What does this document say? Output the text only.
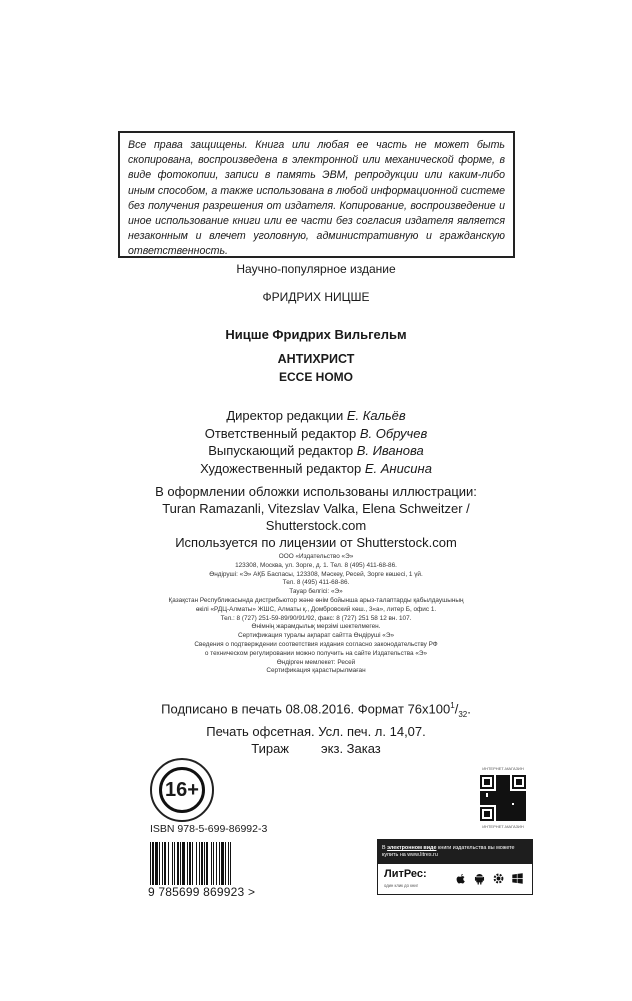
Все права защищены. Книга или любая ее часть не может быть скопирована, воспроизведена в электронной или механической форме, в виде фотокопии, записи в память ЭВМ, репродукции или каким-либо иным способом, а также использована в любой информационной системе без получения разрешения от издателя. Копирование, воспроизведение и иное использование книги или ее части без согласия издателя является незаконным и влечет уголовную, административную и гражданскую ответственность.
Научно-популярное издание
ФРИДРИХ НИЦШЕ
Ницше Фридрих Вильгельм
АНТИХРИСТ
ECCE HOMO
Директор редакции Е. Кальёв
Ответственный редактор В. Обручев
Выпускающий редактор В. Иванова
Художественный редактор Е. Анисина
В оформлении обложки использованы иллюстрации:
Turan Ramazanli, Vitezslav Valka, Elena Schweitzer /
Shutterstock.com
Используется по лицензии от Shutterstock.com
ООО «Издательство «Э»
123308, Москва, ул. Зорге, д. 1. Тел. 8 (495) 411-68-86.
Өндіруші: «Э» АҚБ Баспасы, 123308, Мәскеу, Ресей, Зорге көшесі, 1 үй.
Тел. 8 (495) 411-68-86.
Тауар белгісі: «Э»
Қазақстан Республикасында дистрибьютор және өнім бойынша арыз-талаптарды қабылдаушының
өкілі «РДЦ-Алматы» ЖШС, Алматы қ., Домбровский көш., 3«а», литер Б, офис 1.
Тел.: 8 (727) 251-59-89/90/91/92, факс: 8 (727) 251 58 12 вн. 107.
Өнімнің жарамдылық мерзімі шектелмеген.
Сертификация туралы ақпарат сайтта Өндіруші «Э»
Сведения о подтверждении соответствия издания согласно законодательству РФ
о техническом регулировании можно получить на сайте Издательства «Э»
Өндірген мемлекет: Ресей
Сертификация қарастырылмаған
Подписано в печать 08.08.2016. Формат $76x100^1/_{32}$.
Печать офсетная. Усл. печ. л. 14,07.
Тираж экз. Заказ
16+
ISBN 978-5-699-86992-3
9 785699 869923 >
ИНТЕРНЕТ-МАГАЗИН
ИНТЕРНЕТ-МАГАЗИН
В электронном виде книги издательства вы можете купить на www.litres.ru
ЛитРес:
один клик до книг
